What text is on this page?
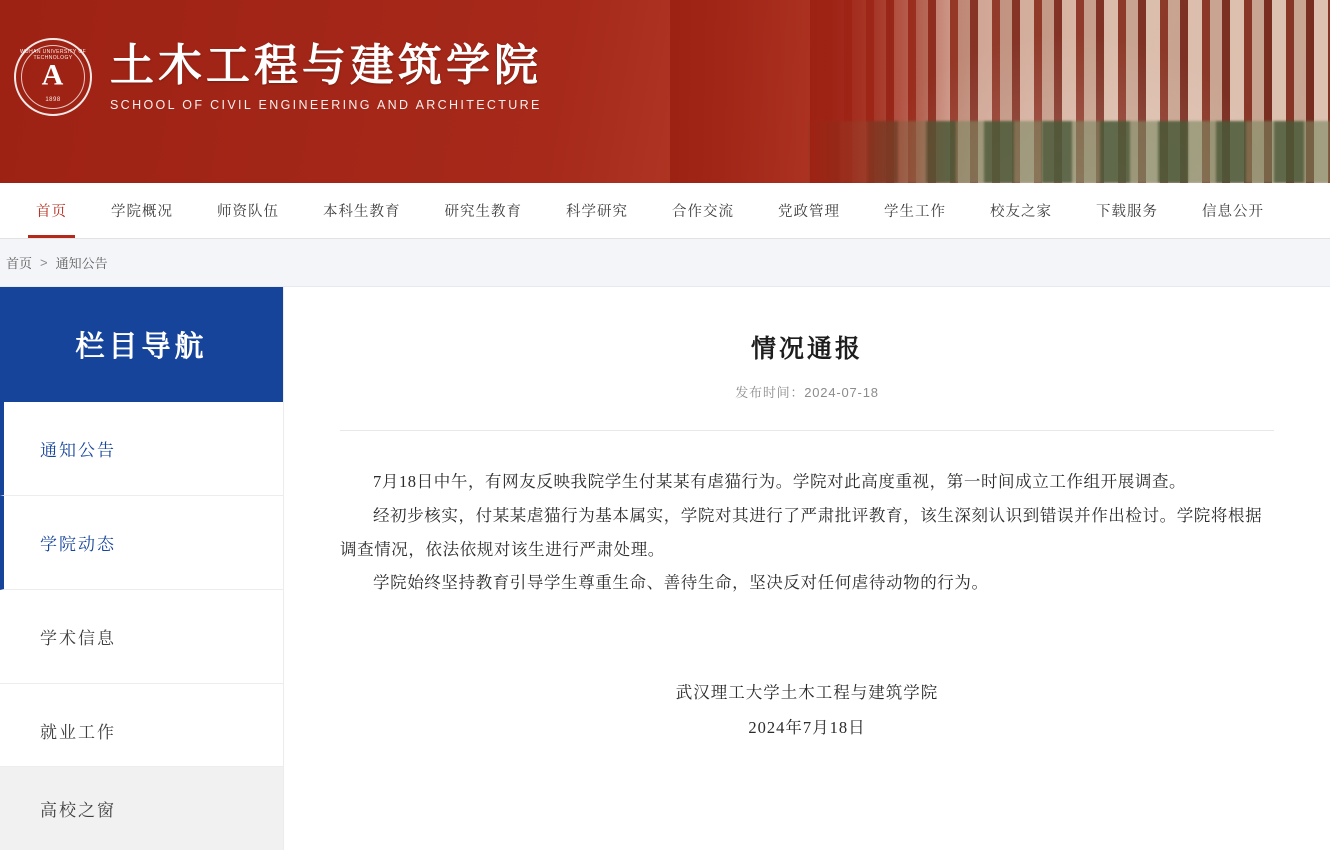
WUHAN UNIVERSITY OF TECHNOLOGY
A
1898
土木工程与建筑学院
SCHOOL OF CIVIL ENGINEERING AND ARCHITECTURE
首页	学院概况	师资队伍	本科生教育	研究生教育	科学研究	合作交流	党政管理	学生工作	校友之家	下载服务	信息公开
首页 > 通知公告
栏目导航
通知公告
学院动态
学术信息
就业工作
高校之窗
情况通报
发布时间：2024-07-18

7月18日中午，有网友反映我院学生付某某有虐猫行为。学院对此高度重视，第一时间成立工作组开展调查。

经初步核实，付某某虐猫行为基本属实，学院对其进行了严肃批评教育，该生深刻认识到错误并作出检讨。学院将根据调查情况，依法依规对该生进行严肃处理。

学院始终坚持教育引导学生尊重生命、善待生命，坚决反对任何虐待动物的行为。

武汉理工大学土木工程与建筑学院
2024年7月18日
